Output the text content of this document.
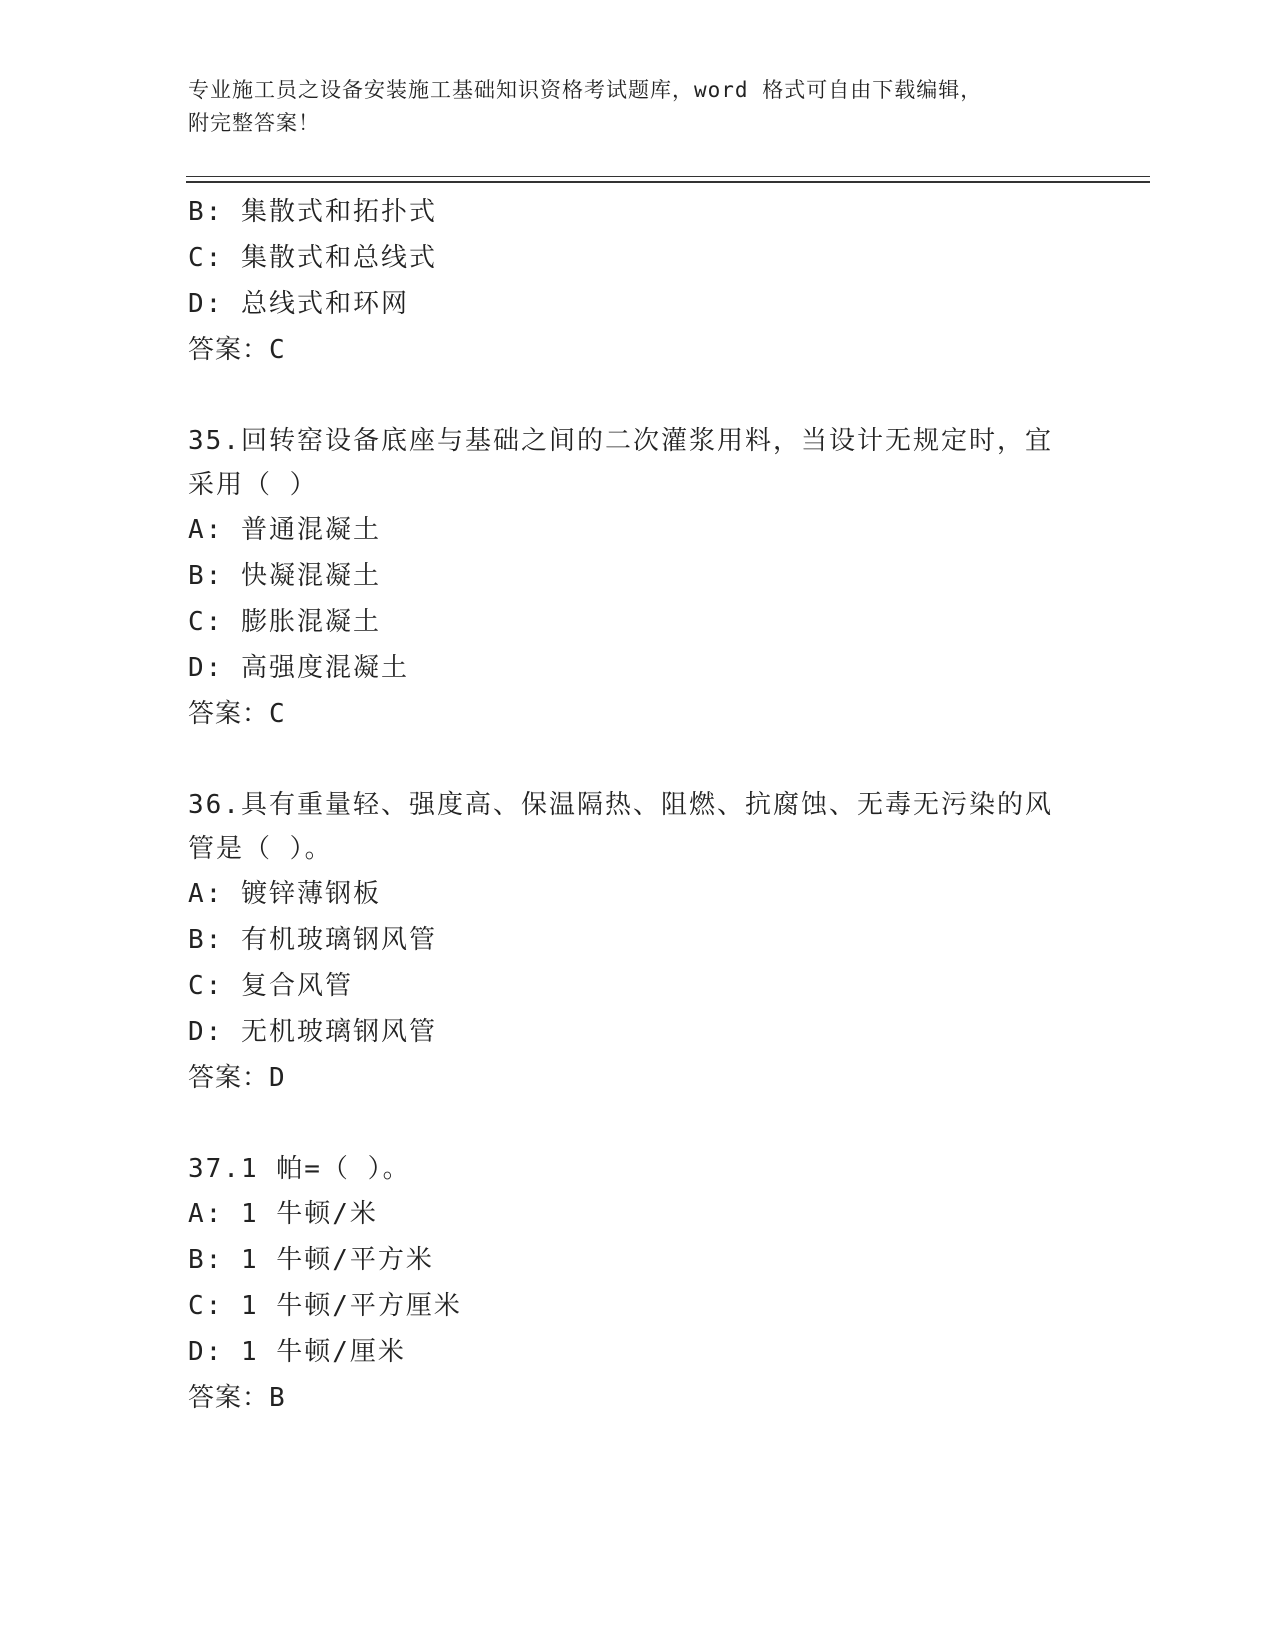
专业施工员之设备安装施工基础知识资格考试题库，word 格式可自由下载编辑，
附完整答案！
B: 集散式和拓扑式
C: 集散式和总线式
D: 总线式和环网
答案：C
35.回转窑设备底座与基础之间的二次灌浆用料，当设计无规定时，宜
采用（ ）
A: 普通混凝土
B: 快凝混凝土
C: 膨胀混凝土
D: 高强度混凝土
答案：C
36.具有重量轻、强度高、保温隔热、阻燃、抗腐蚀、无毒无污染的风
管是（ ）。
A: 镀锌薄钢板
B: 有机玻璃钢风管
C: 复合风管
D: 无机玻璃钢风管
答案：D
37.1 帕=（ ）。
A: 1 牛顿/米
B: 1 牛顿/平方米
C: 1 牛顿/平方厘米
D: 1 牛顿/厘米
答案：B
